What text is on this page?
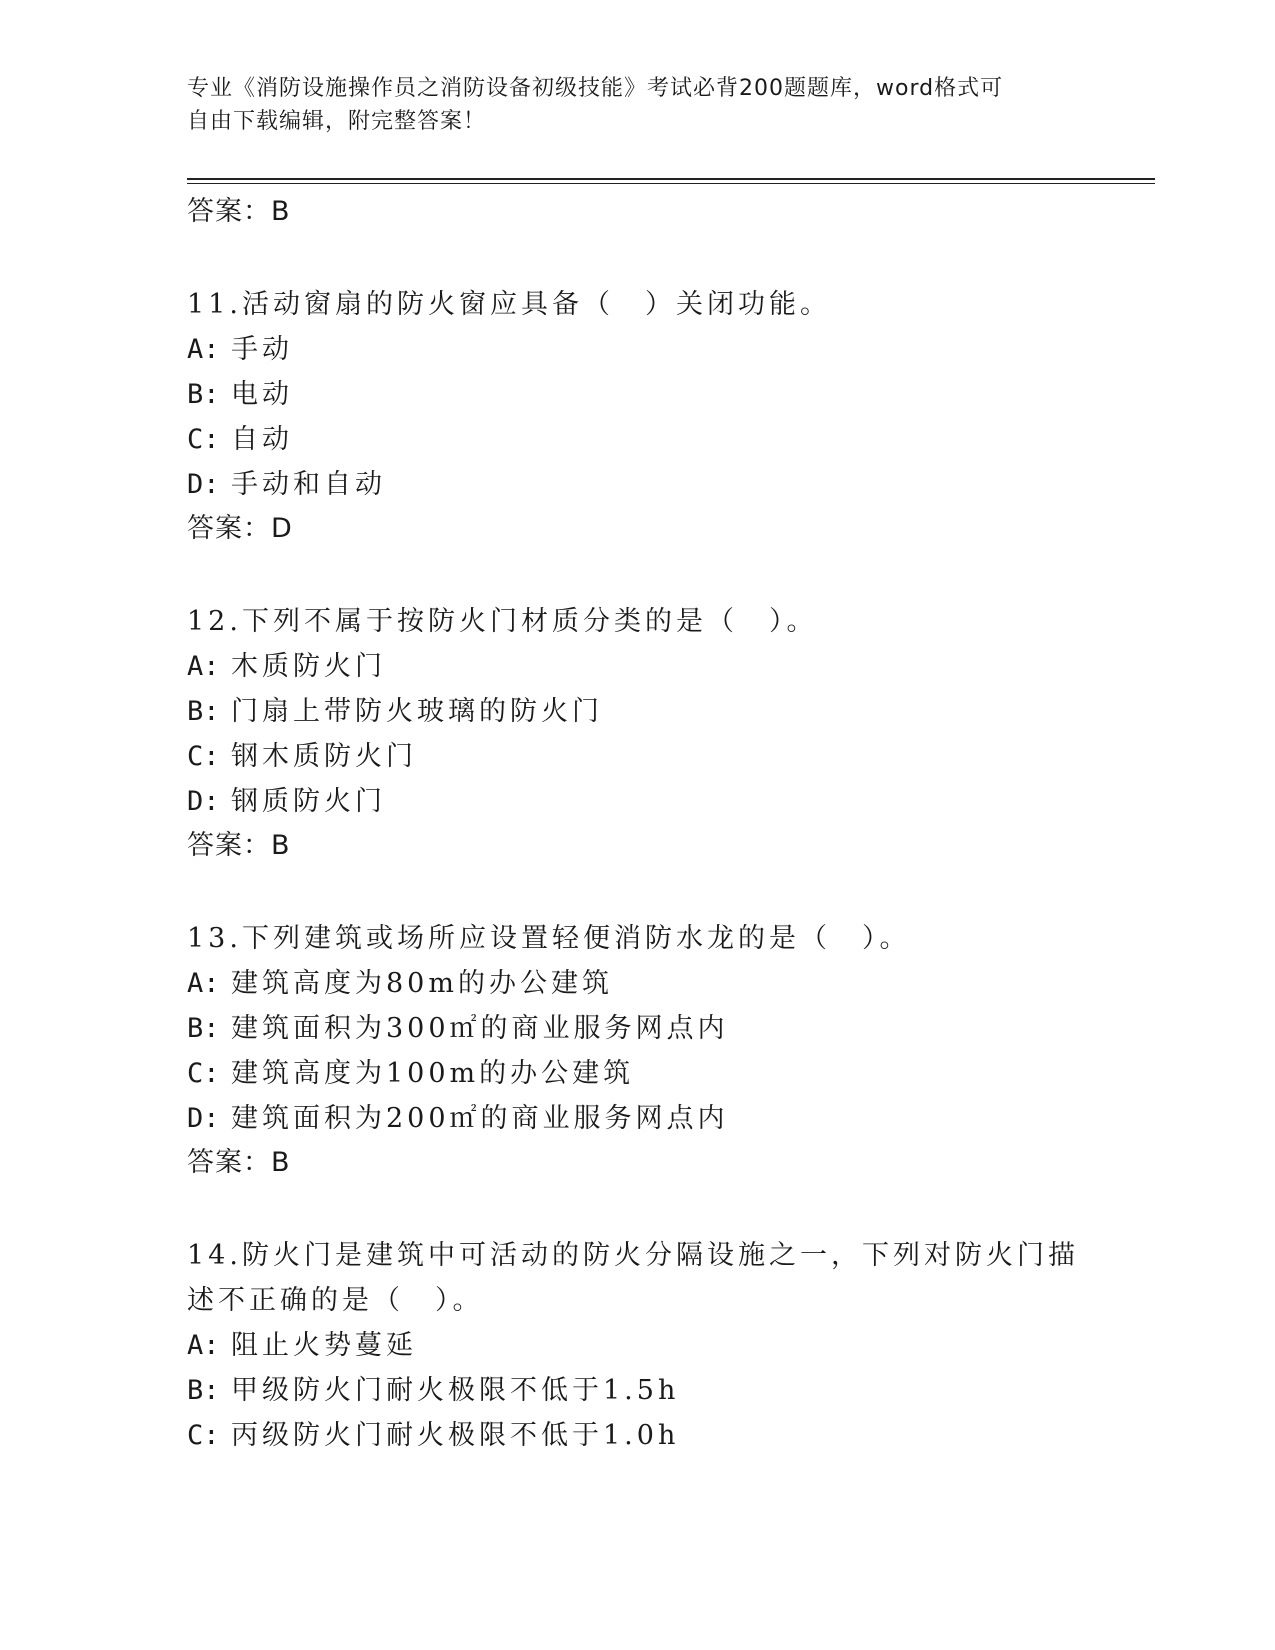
专业《消防设施操作员之消防设备初级技能》考试必背200题题库，word格式可
自由下载编辑，附完整答案！
答案：B
11.活动窗扇的防火窗应具备（　）关闭功能。
A: 手动
B: 电动
C: 自动
D: 手动和自动
答案：D
12.下列不属于按防火门材质分类的是（　）。
A: 木质防火门
B: 门扇上带防火玻璃的防火门
C: 钢木质防火门
D: 钢质防火门
答案：B
13.下列建筑或场所应设置轻便消防水龙的是（　）。
A: 建筑高度为80m的办公建筑
B: 建筑面积为300㎡的商业服务网点内
C: 建筑高度为100m的办公建筑
D: 建筑面积为200㎡的商业服务网点内
答案：B
14.防火门是建筑中可活动的防火分隔设施之一，下列对防火门描述不正确的是（　）。
A: 阻止火势蔓延
B: 甲级防火门耐火极限不低于1.5h
C: 丙级防火门耐火极限不低于1.0h
